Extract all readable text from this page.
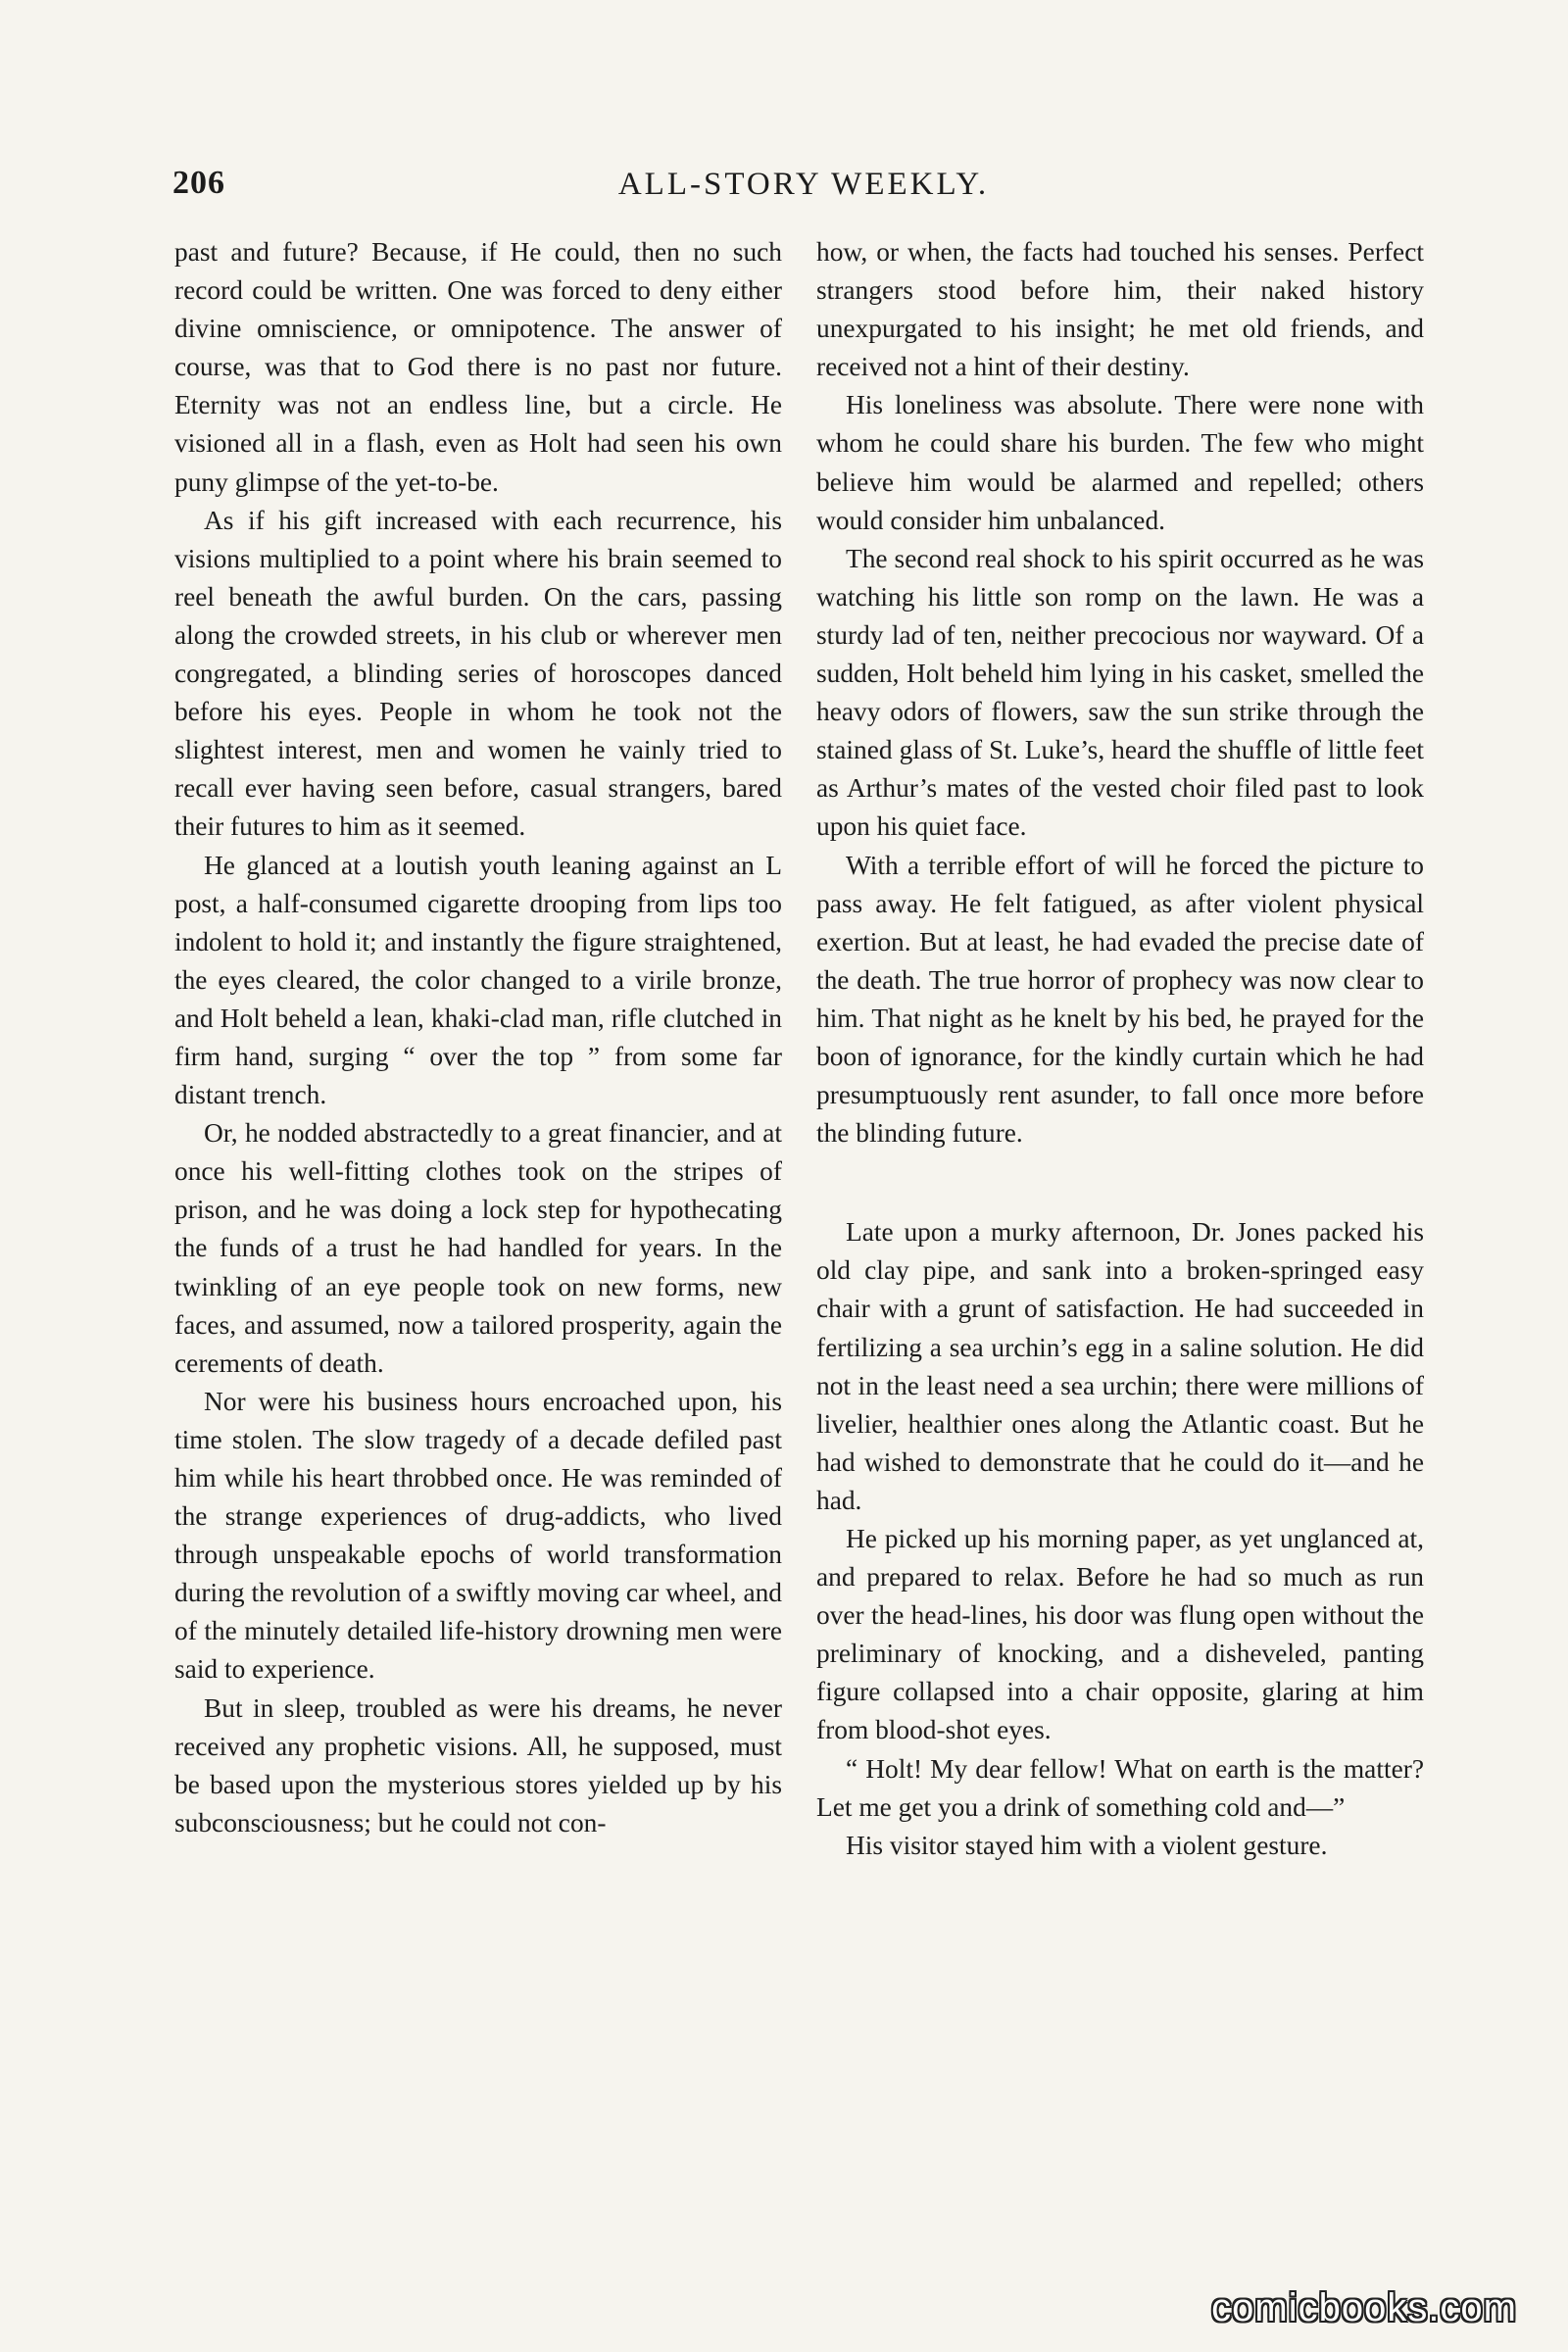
206	ALL-STORY WEEKLY.

past and future? Because, if He could, then no such record could be written. One was forced to deny either divine omniscience, or omnipotence. The answer of course, was that to God there is no past nor future. Eternity was not an endless line, but a circle. He visioned all in a flash, even as Holt had seen his own puny glimpse of the yet-to-be.

As if his gift increased with each recurrence, his visions multiplied to a point where his brain seemed to reel beneath the awful burden. On the cars, passing along the crowded streets, in his club or wherever men congregated, a blinding series of horoscopes danced before his eyes. People in whom he took not the slightest interest, men and women he vainly tried to recall ever having seen before, casual strangers, bared their futures to him as it seemed.

He glanced at a loutish youth leaning against an L post, a half-consumed cigarette drooping from lips too indolent to hold it; and instantly the figure straightened, the eyes cleared, the color changed to a virile bronze, and Holt beheld a lean, khaki-clad man, rifle clutched in firm hand, surging “ over the top ” from some far distant trench.

Or, he nodded abstractedly to a great financier, and at once his well-fitting clothes took on the stripes of prison, and he was doing a lock step for hypothecating the funds of a trust he had handled for years. In the twinkling of an eye people took on new forms, new faces, and assumed, now a tailored prosperity, again the cerements of death.

Nor were his business hours encroached upon, his time stolen. The slow tragedy of a decade defiled past him while his heart throbbed once. He was reminded of the strange experiences of drug-addicts, who lived through unspeakable epochs of world transformation during the revolution of a swiftly moving car wheel, and of the minutely detailed life-history drowning men were said to experience.

But in sleep, troubled as were his dreams, he never received any prophetic visions. All, he supposed, must be based upon the mysterious stores yielded up by his subconsciousness; but he could not con-

how, or when, the facts had touched his senses. Perfect strangers stood before him, their naked history unexpurgated to his insight; he met old friends, and received not a hint of their destiny.

His loneliness was absolute. There were none with whom he could share his burden. The few who might believe him would be alarmed and repelled; others would consider him unbalanced.

The second real shock to his spirit occurred as he was watching his little son romp on the lawn. He was a sturdy lad of ten, neither precocious nor wayward. Of a sudden, Holt beheld him lying in his casket, smelled the heavy odors of flowers, saw the sun strike through the stained glass of St. Luke’s, heard the shuffle of little feet as Arthur’s mates of the vested choir filed past to look upon his quiet face.

With a terrible effort of will he forced the picture to pass away. He felt fatigued, as after violent physical exertion. But at least, he had evaded the precise date of the death. The true horror of prophecy was now clear to him. That night as he knelt by his bed, he prayed for the boon of ignorance, for the kindly curtain which he had presumptuously rent asunder, to fall once more before the blinding future.

Late upon a murky afternoon, Dr. Jones packed his old clay pipe, and sank into a broken-springed easy chair with a grunt of satisfaction. He had succeeded in fertilizing a sea urchin’s egg in a saline solution. He did not in the least need a sea urchin; there were millions of livelier, healthier ones along the Atlantic coast. But he had wished to demonstrate that he could do it—and he had.

He picked up his morning paper, as yet unglanced at, and prepared to relax. Before he had so much as run over the head-lines, his door was flung open without the preliminary of knocking, and a disheveled, panting figure collapsed into a chair opposite, glaring at him from blood-shot eyes.

“ Holt! My dear fellow! What on earth is the matter? Let me get you a drink of something cold and—”

His visitor stayed him with a violent gesture.

comicbooks.com
